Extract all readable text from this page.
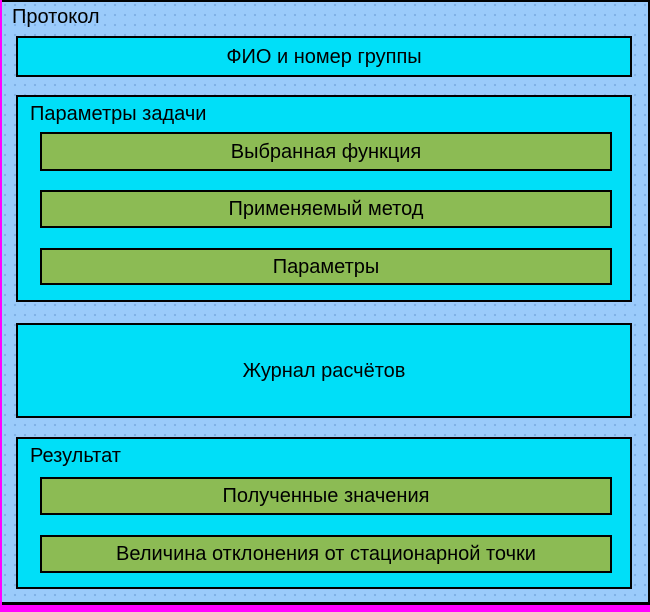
Протокол
ФИО и номер группы
Параметры задачи
Выбранная функция
Применяемый метод
Параметры
Журнал расчётов
Результат
Полученные значения
Величина отклонения от стационарной точки
